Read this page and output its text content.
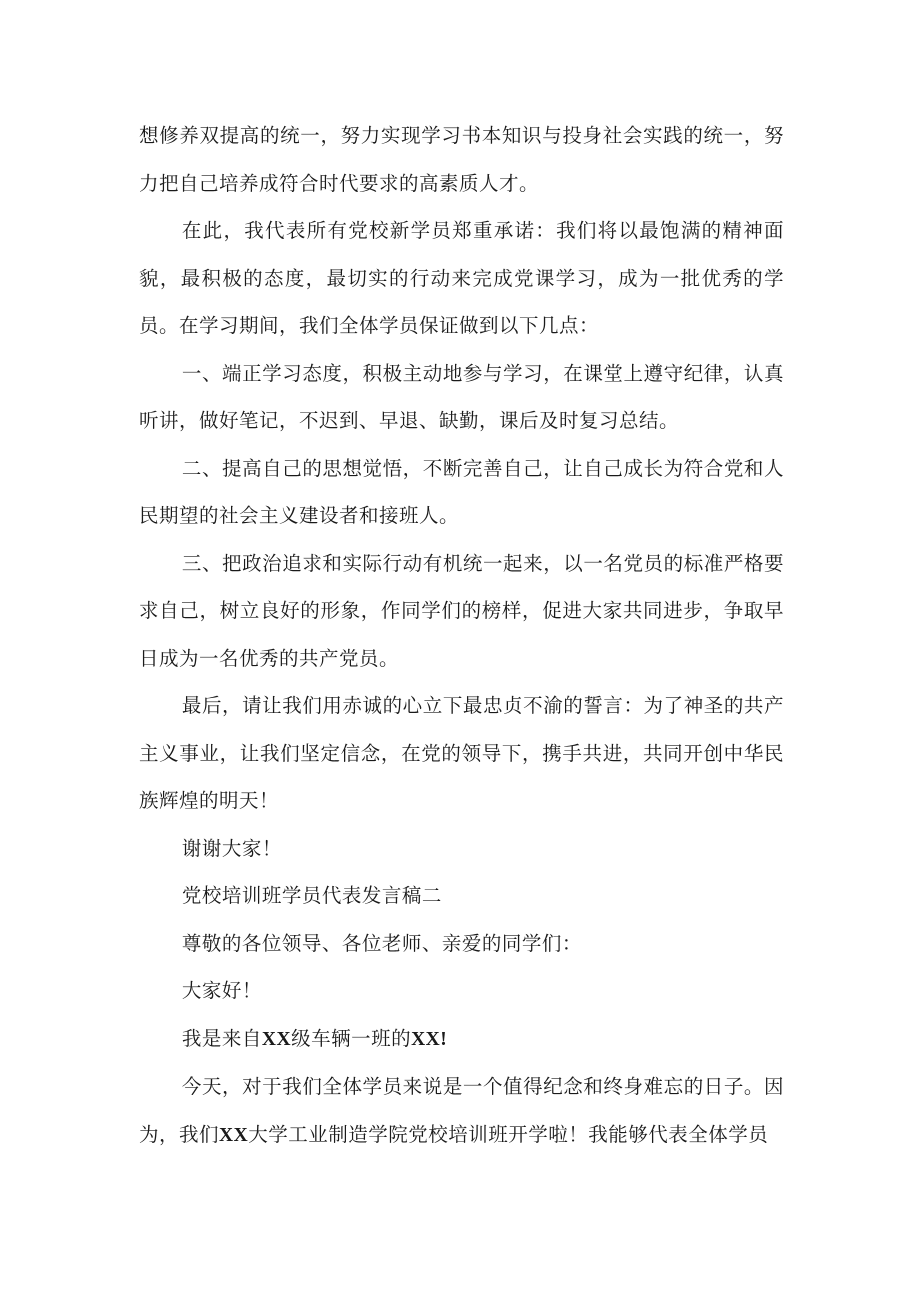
想修养双提高的统一，努力实现学习书本知识与投身社会实践的统一，努力把自己培养成符合时代要求的高素质人才。

在此，我代表所有党校新学员郑重承诺：我们将以最饱满的精神面貌，最积极的态度，最切实的行动来完成党课学习，成为一批优秀的学员。在学习期间，我们全体学员保证做到以下几点：

一、端正学习态度，积极主动地参与学习，在课堂上遵守纪律，认真听讲，做好笔记，不迟到、早退、缺勤，课后及时复习总结。

二、提高自己的思想觉悟，不断完善自己，让自己成长为符合党和人民期望的社会主义建设者和接班人。

三、把政治追求和实际行动有机统一起来，以一名党员的标准严格要求自己，树立良好的形象，作同学们的榜样，促进大家共同进步，争取早日成为一名优秀的共产党员。

最后，请让我们用赤诚的心立下最忠贞不渝的誓言：为了神圣的共产主义事业，让我们坚定信念，在党的领导下，携手共进，共同开创中华民族辉煌的明天！

谢谢大家！

党校培训班学员代表发言稿二

尊敬的各位领导、各位老师、亲爱的同学们：

大家好！

我是来自XX级车辆一班的XX!

今天，对于我们全体学员来说是一个值得纪念和终身难忘的日子。因为，我们XX大学工业制造学院党校培训班开学啦！我能够代表全体学员
